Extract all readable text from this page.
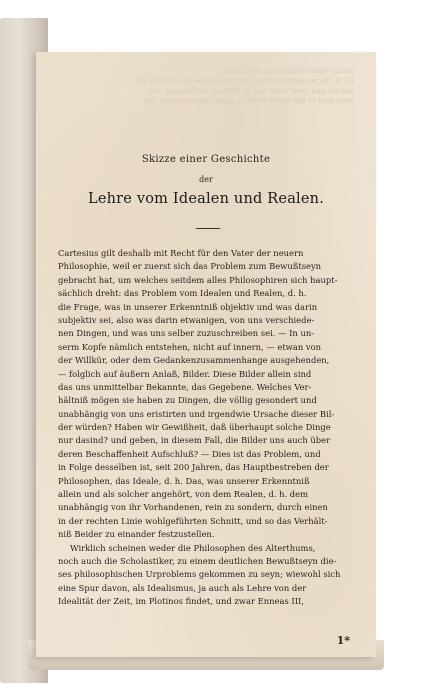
Skizze einer Geschichte der Lehre
III, 4. 36, woselbst er sagt: die Seele habe den Körper ge-
macht, und zwar nicht nur in Plotinos Auffassung, son-
dern weil er die Sache nicht so ganz aufgenommen hat.
Skizze einer Geschichte
der
Lehre vom Idealen und Realen.
Cartesius gilt deshalb mit Recht für den Vater der neuern
Philosophie, weil er zuerst sich das Problem zum Bewußtseyn
gebracht hat, um welches seitdem alles Philosophiren sich haupt-
sächlich dreht: das Problem vom Idealen und Realen, d. h.
die Frage, was in unserer Erkenntniß objektiv und was darin
subjektiv sei, also was darin etwanigen, von uns verschiede-
nen Dingen, und was uns selber zuzuschreiben sei. — In un-
serm Kopfe nämlich entstehen, nicht auf innern, — etwan von
der Willkür, oder dem Gedankenzusammenhange ausgehenden,
— folglich auf äußern Anlaß, Bilder. Diese Bilder allein sind
das uns unmittelbar Bekannte, das Gegebene. Welches Ver-
hältniß mögen sie haben zu Dingen, die völlig gesondert und
unabhängig von uns eristirten und irgendwie Ursache dieser Bil-
der würden? Haben wir Gewißheit, daß überhaupt solche Dinge
nur dasind? und geben, in diesem Fall, die Bilder uns auch über
deren Beschaffenheit Aufschluß? — Dies ist das Problem, und
in Folge desselben ist, seit 200 Jahren, das Hauptbestreben der
Philosophen, das Ideale, d. h. Das, was unserer Erkenntniß
allein und als solcher angehört, von dem Realen, d. h. dem
unabhängig von ihr Vorhandenen, rein zu sondern, durch einen
in der rechten Linie wohlgeführten Schnitt, und so das Verhält-
niß Beider zu einander festzustellen.
Wirklich scheinen weder die Philosophen des Alterthums,
noch auch die Scholastiker, zu einem deutlichen Bewußtseyn die-
ses philosophischen Urproblems gekommen zu seyn; wiewohl sich
eine Spur davon, als Idealismus, ja auch als Lehre von der
Idealität der Zeit, im Plotinos findet, und zwar Enneas III,
1*
